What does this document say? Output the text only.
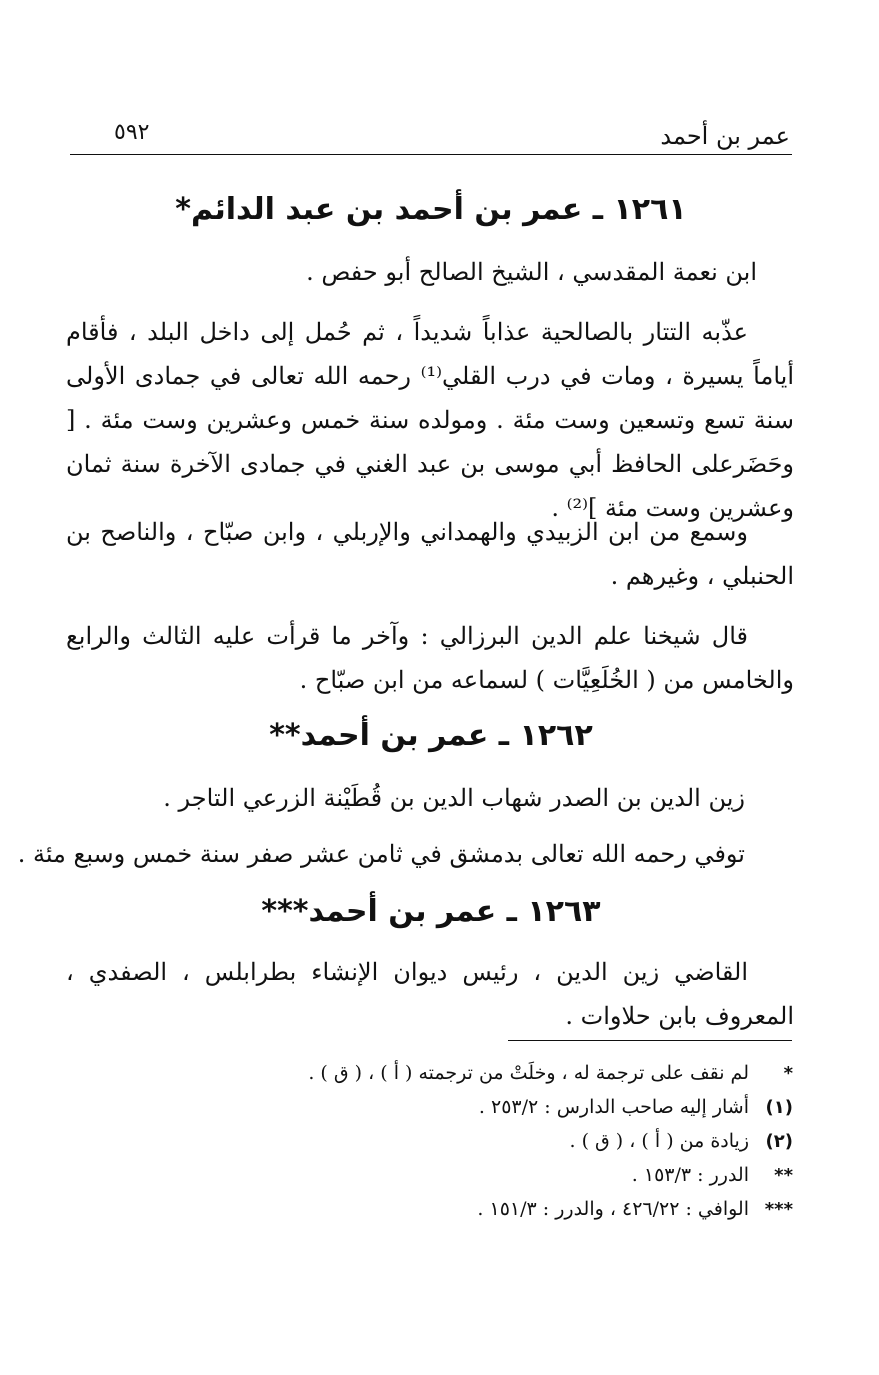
عمر بن أحمد
٥٩٢
١٢٦١ ـ عمر بن أحمد بن عبد الدائم*
ابن نعمة المقدسي ، الشيخ الصالح أبو حفص .
عذّبه التتار بالصالحية عذاباً شديداً ، ثم حُمل إلى داخل البلد ، فأقام أياماً يسيرة ، ومات في درب القلي⁽¹⁾ رحمه الله تعالى في جمادى الأولى سنة تسع وتسعين وست مئة . ومولده سنة خمس وعشرين وست مئة . [ وحَضَرعلى الحافظ أبي موسى بن عبد الغني في جمادى الآخرة سنة ثمان وعشرين وست مئة ]⁽²⁾ .
وسمع من ابن الزبيدي والهمداني والإربلي ، وابن صبّاح ، والناصح بن الحنبلي ، وغيرهم .
قال شيخنا علم الدين البرزالي : وآخر ما قرأت عليه الثالث والرابع والخامس من ( الخُلَعِيَّات ) لسماعه من ابن صبّاح .
١٢٦٢ ـ عمر بن أحمد**
زين الدين بن الصدر شهاب الدين بن قُطَيْنة الزرعي التاجر .
توفي رحمه الله تعالى بدمشق في ثامن عشر صفر سنة خمس وسبع مئة .
١٢٦٣ ـ عمر بن أحمد***
القاضي زين الدين ، رئيس ديوان الإنشاء بطرابلس ، الصفدي ، المعروف بابن حلاوات .
*
لم نقف على ترجمة له ، وخلَتْ من ترجمته ( أ ) ، ( ق ) .
(١)
أشار إليه صاحب الدارس : ٢٥٣/٢ .
(٢)
زيادة من ( أ ) ، ( ق ) .
**
الدرر : ١٥٣/٣ .
***
الوافي : ٤٢٦/٢٢ ، والدرر : ١٥١/٣ .
